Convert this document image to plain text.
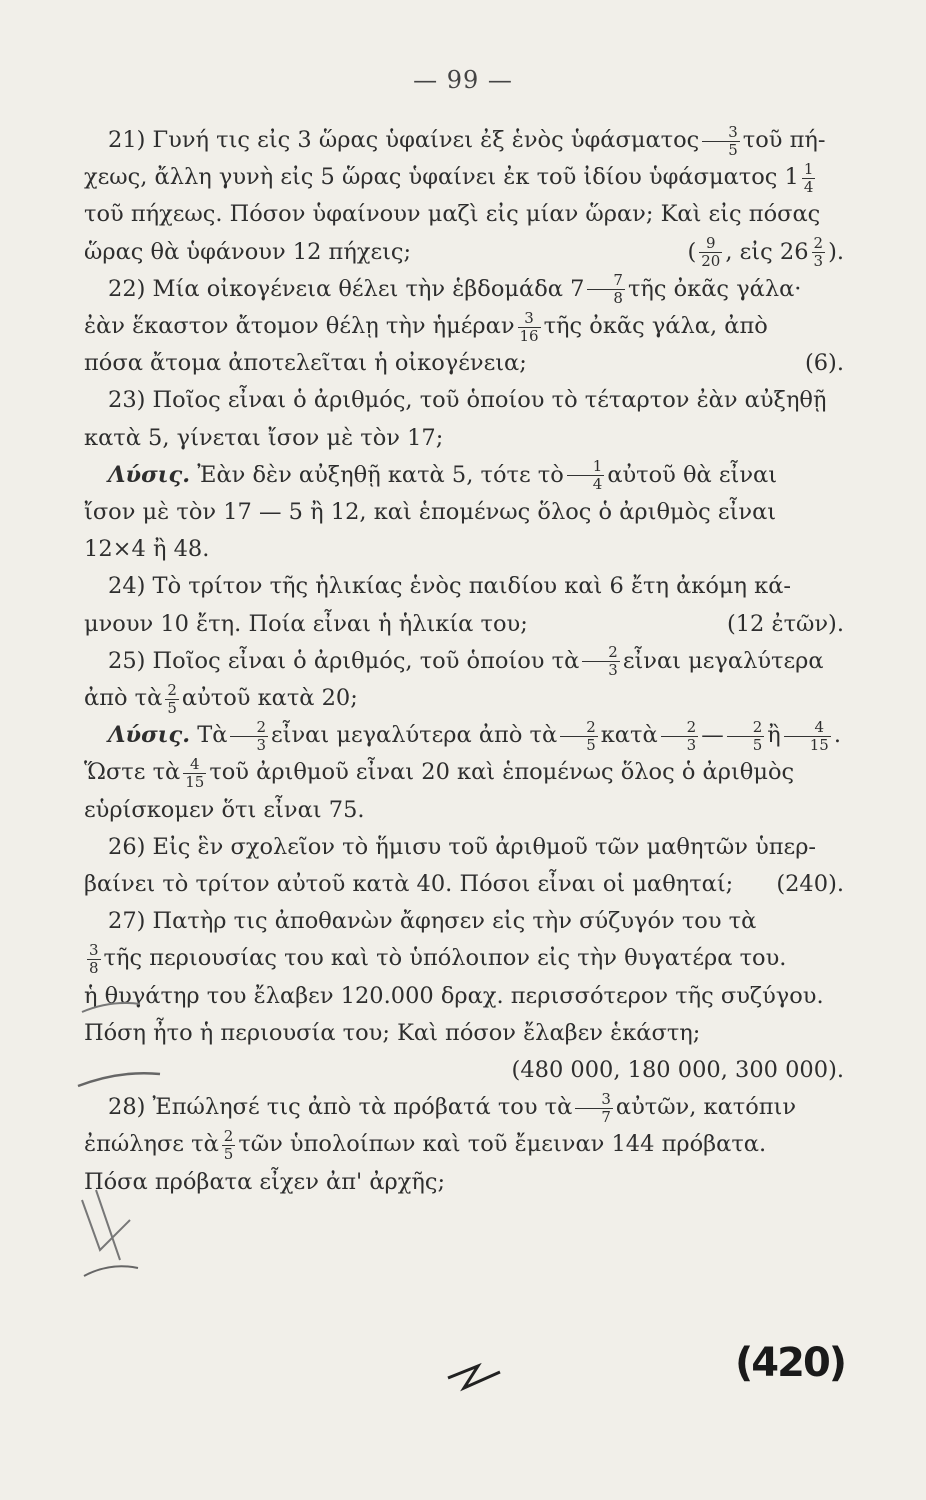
— 99 —
21) Γυνή τις εἰς 3 ὥρας ὑφαίνει ἐξ ἑνὸς ὑφάσματος $\frac{3}{5}$ τοῦ πή-
χεως, ἄλλη γυνὴ εἰς 5 ὥρας ὑφαίνει ἐκ τοῦ ἰδίου ὑφάσματος $1 \frac{1}{4}$
τοῦ πήχεως. Πόσον ὑφαίνουν μαζὶ εἰς μίαν ὥραν; Καὶ εἰς πόσας
ὥρας θὰ ὑφάνουν 12 πήχεις;	( $\frac{9}{20}$ , εἰς $26 \frac{2}{3}$ ).
22) Μία οἰκογένεια θέλει τὴν ἑβδομάδα $7 \frac{7}{8}$ τῆς ὀκᾶς γάλα·
ἐὰν ἕκαστον ἄτομον θέλῃ τὴν ἡμέραν $\frac{3}{16}$ τῆς ὀκᾶς γάλα, ἀπὸ
πόσα ἄτομα ἀποτελεῖται ἡ οἰκογένεια;	(6).
23) Ποῖος εἶναι ὁ ἀριθμός, τοῦ ὁποίου τὸ τέταρτον ἐὰν αὐξηθῇ
κατὰ 5, γίνεται ἴσον μὲ τὸν 17;
Λύσις. Ἐὰν δὲν αὐξηθῇ κατὰ 5, τότε τὸ $\frac{1}{4}$ αὐτοῦ θὰ εἶναι
ἴσον μὲ τὸν 17 — 5 ἢ 12, καὶ ἑπομένως ὅλος ὁ ἀριθμὸς εἶναι
12×4 ἢ 48.
24) Τὸ τρίτον τῆς ἡλικίας ἑνὸς παιδίου καὶ 6 ἔτη ἀκόμη κά-
μνουν 10 ἔτη. Ποία εἶναι ἡ ἡλικία του;	(12 ἐτῶν).
25) Ποῖος εἶναι ὁ ἀριθμός, τοῦ ὁποίου τὰ $\frac{2}{3}$ εἶναι μεγαλύτερα
ἀπὸ τὰ $\frac{2}{5}$ αὐτοῦ κατὰ 20;
Λύσις. Τὰ $\frac{2}{3}$ εἶναι μεγαλύτερα ἀπὸ τὰ $\frac{2}{5}$ κατὰ $\frac{2}{3}$ — $\frac{2}{5}$ ἢ $\frac{4}{15}$ .
Ὥστε τὰ $\frac{4}{15}$ τοῦ ἀριθμοῦ εἶναι 20 καὶ ἑπομένως ὅλος ὁ ἀριθμὸς
εὑρίσκομεν ὅτι εἶναι 75.
26) Εἰς ἓν σχολεῖον τὸ ἥμισυ τοῦ ἀριθμοῦ τῶν μαθητῶν ὑπερ-
βαίνει τὸ τρίτον αὐτοῦ κατὰ 40. Πόσοι εἶναι οἱ μαθηταί; (240).
27) Πατὴρ τις ἀποθανὼν ἄφησεν εἰς τὴν σύζυγόν του τὰ
$\frac{3}{8}$ τῆς περιουσίας του καὶ τὸ ὑπόλοιπον εἰς τὴν θυγατέρα του.
ἡ θυγάτηρ του ἔλαβεν 120.000 δραχ. περισσότερον τῆς συζύγου.
Πόση ἦτο ἡ περιουσία του; Καὶ πόσον ἔλαβεν ἑκάστη;
(480 000, 180 000, 300 000).
28) Ἐπώλησέ τις ἀπὸ τὰ πρόβατά του τὰ $\frac{3}{7}$ αὐτῶν, κατόπιν
ἐπώλησε τὰ $\frac{2}{5}$ τῶν ὑπολοίπων καὶ τοῦ ἔμειναν 144 πρόβατα.
Πόσα πρόβατα εἶχεν ἀπ' ἀρχῆς;
(420)
